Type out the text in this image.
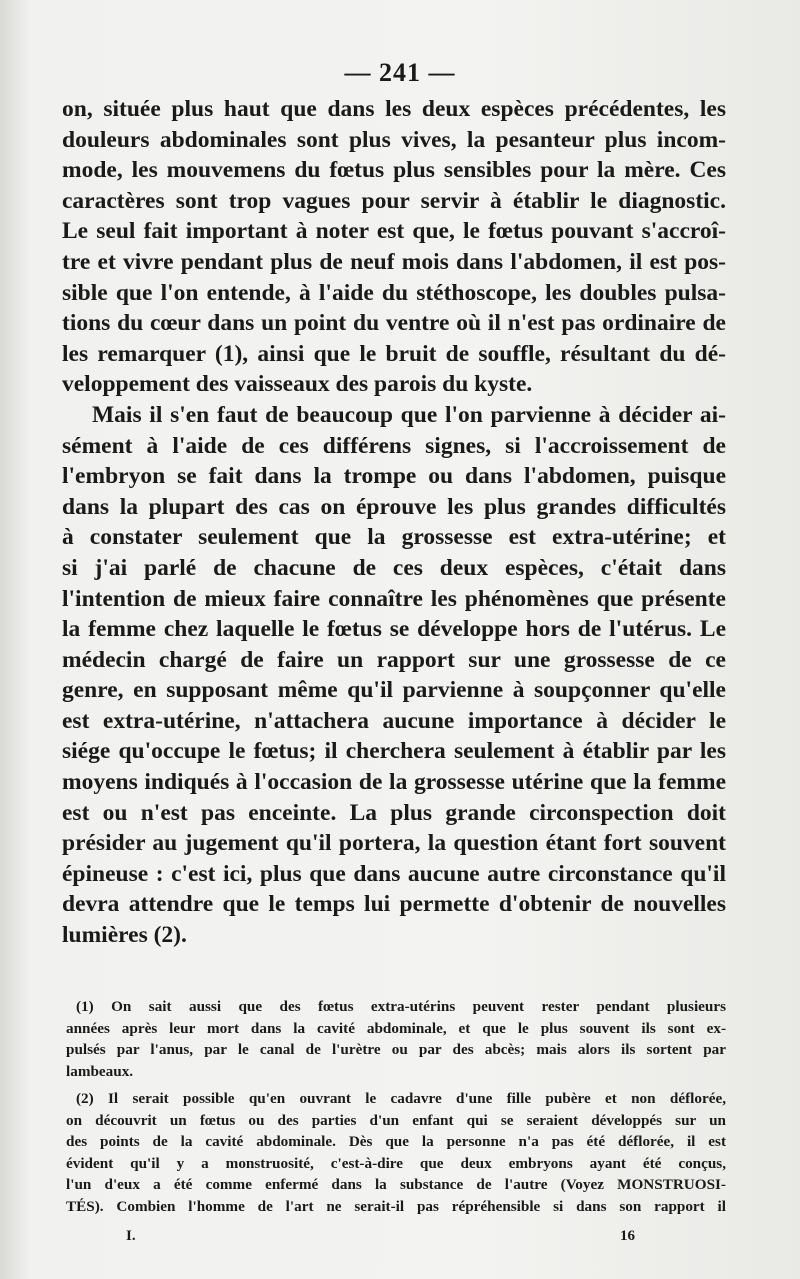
— 241 —

on, située plus haut que dans les deux espèces précédentes, les
douleurs abdominales sont plus vives, la pesanteur plus incom-
mode, les mouvemens du fœtus plus sensibles pour la mère. Ces
caractères sont trop vagues pour servir à établir le diagnostic.
Le seul fait important à noter est que, le fœtus pouvant s'accroî-
tre et vivre pendant plus de neuf mois dans l'abdomen, il est pos-
sible que l'on entende, à l'aide du stéthoscope, les doubles pulsa-
tions du cœur dans un point du ventre où il n'est pas ordinaire de
les remarquer (1), ainsi que le bruit de souffle, résultant du dé-
veloppement des vaisseaux des parois du kyste.

Mais il s'en faut de beaucoup que l'on parvienne à décider ai-
sément à l'aide de ces différens signes, si l'accroissement de
l'embryon se fait dans la trompe ou dans l'abdomen, puisque
dans la plupart des cas on éprouve les plus grandes difficultés
à constater seulement que la grossesse est extra-utérine; et
si j'ai parlé de chacune de ces deux espèces, c'était dans
l'intention de mieux faire connaître les phénomènes que présente
la femme chez laquelle le fœtus se développe hors de l'utérus. Le
médecin chargé de faire un rapport sur une grossesse de ce
genre, en supposant même qu'il parvienne à soupçonner qu'elle
est extra-utérine, n'attachera aucune importance à décider le
siége qu'occupe le fœtus; il cherchera seulement à établir par les
moyens indiqués à l'occasion de la grossesse utérine que la femme
est ou n'est pas enceinte. La plus grande circonspection doit
présider au jugement qu'il portera, la question étant fort souvent
épineuse : c'est ici, plus que dans aucune autre circonstance qu'il
devra attendre que le temps lui permette d'obtenir de nouvelles
lumières (2).

(1) On sait aussi que des fœtus extra-utérins peuvent rester pendant plusieurs
années après leur mort dans la cavité abdominale, et que le plus souvent ils sont ex-
pulsés par l'anus, par le canal de l'urètre ou par des abcès; mais alors ils sortent par
lambeaux.
(2) Il serait possible qu'en ouvrant le cadavre d'une fille pubère et non déflorée,
on découvrit un fœtus ou des parties d'un enfant qui se seraient développés sur un
des points de la cavité abdominale. Dès que la personne n'a pas été déflorée, il est
évident qu'il y a monstruosité, c'est-à-dire que deux embryons ayant été conçus,
l'un d'eux a été comme enfermé dans la substance de l'autre (Voyez MONSTRUOSI-
TÉS). Combien l'homme de l'art ne serait-il pas répréhensible si dans son rapport il
I.	16
